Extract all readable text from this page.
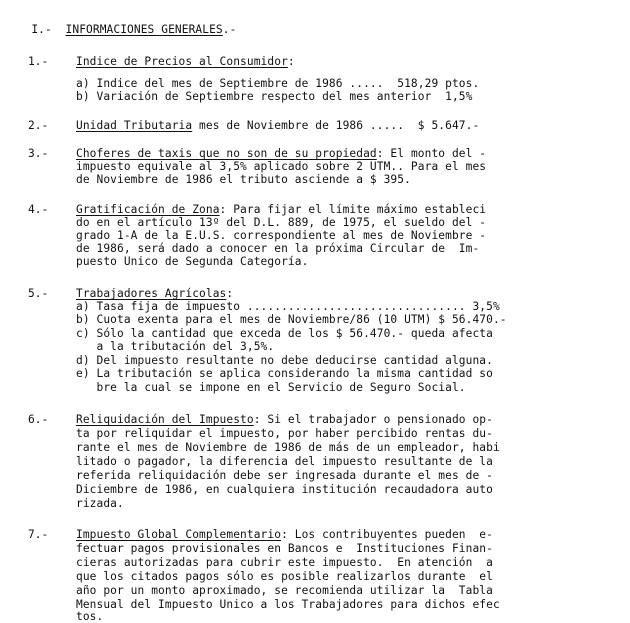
I.- INFORMACIONES GENERALES.-

1.- Indice de Precios al Consumidor:
a) Indice del mes de Septiembre de 1986 .....  518,29 ptos.
b) Variación de Septiembre respecto del mes anterior  1,5%
2.- Unidad Tributaria mes de Noviembre de 1986 .....  $ 5.647.-
3.- Choferes de taxis que no son de su propiedad: El monto del -
impuesto equivale al 3,5% aplicado sobre 2 UTM.. Para el mes
de Noviembre de 1986 el tributo asciende a $ 395.
4.- Gratificación de Zona: Para fijar el límite máximo estableci
do en el artículo 13º del D.L. 889, de 1975, el sueldo del -
grado 1-A de la E.U.S. correspondiente al mes de Noviembre -
de 1986, será dado a conocer en la próxima Circular de  Im-
puesto Unico de Segunda Categoría.
5.- Trabajadores Agrícolas:
a) Tasa fija de impuesto ................................ 3,5%
b) Cuota exenta para el mes de Noviembre/86 (10 UTM) $ 56.470.-
c) Sólo la cantidad que exceda de los $ 56.470.- queda afecta
a la tributación del 3,5%.
d) Del impuesto resultante no debe deducirse cantidad alguna.
e) La tributación se aplica considerando la misma cantidad so
bre la cual se impone en el Servicio de Seguro Social.
6.- Reliquidación del Impuesto: Si el trabajador o pensionado op-
ta por reliquidar el impuesto, por haber percibido rentas du-
rante el mes de Noviembre de 1986 de más de un empleador, habi
litado o pagador, la diferencia del impuesto resultante de la
referida reliquidación debe ser ingresada durante el mes de -
Diciembre de 1986, en cualquiera institución recaudadora auto
rizada.
7.- Impuesto Global Complementario: Los contribuyentes pueden  e-
fectuar pagos provisionales en Bancos e  Instituciones Finan-
cieras autorizadas para cubrir este impuesto.  En atención  a
que los citados pagos sólo es posible realizarlos durante  el
año por un monto aproximado, se recomienda utilizar la  Tabla
Mensual del Impuesto Unico a los Trabajadores para dichos efec
tos.
